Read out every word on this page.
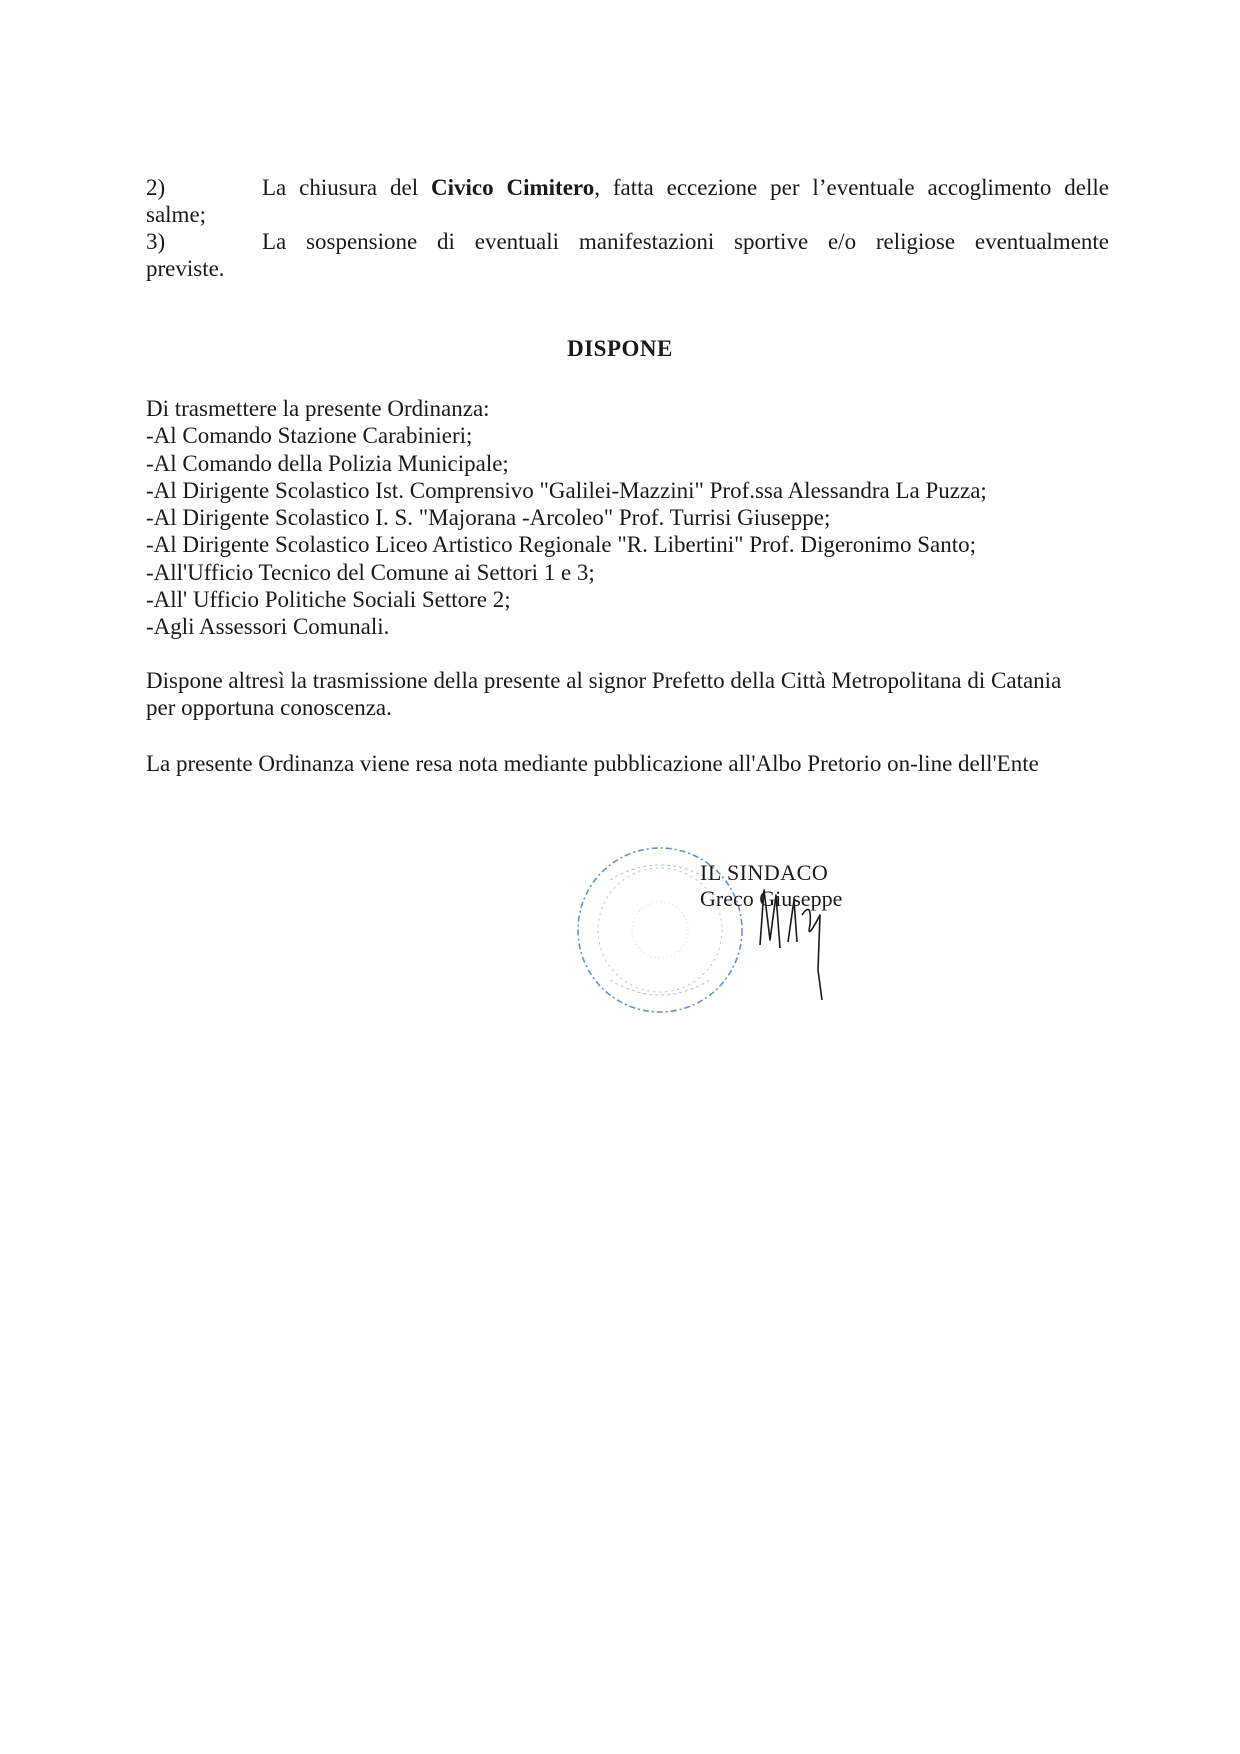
2)	La chiusura del Civico Cimitero, fatta eccezione per l’eventuale accoglimento delle
salme;
3)	La sospensione di eventuali manifestazioni sportive e/o religiose eventualmente
previste.
DISPONE
Di trasmettere la presente Ordinanza:
-Al Comando Stazione Carabinieri;
-Al Comando della Polizia Municipale;
-Al Dirigente Scolastico Ist. Comprensivo "Galilei-Mazzini" Prof.ssa Alessandra La Puzza;
-Al Dirigente Scolastico I. S. "Majorana -Arcoleo" Prof. Turrisi Giuseppe;
-Al Dirigente Scolastico Liceo Artistico Regionale "R. Libertini" Prof. Digeronimo Santo;
-All'Ufficio Tecnico del Comune ai Settori 1 e 3;
-All' Ufficio Politiche Sociali Settore 2;
-Agli Assessori Comunali.
Dispone altresì la trasmissione della presente al signor Prefetto della Città Metropolitana di Catania
per opportuna conoscenza.
La presente Ordinanza viene resa nota mediante pubblicazione all'Albo Pretorio on-line dell'Ente
IL SINDACO
Greco Giuseppe
